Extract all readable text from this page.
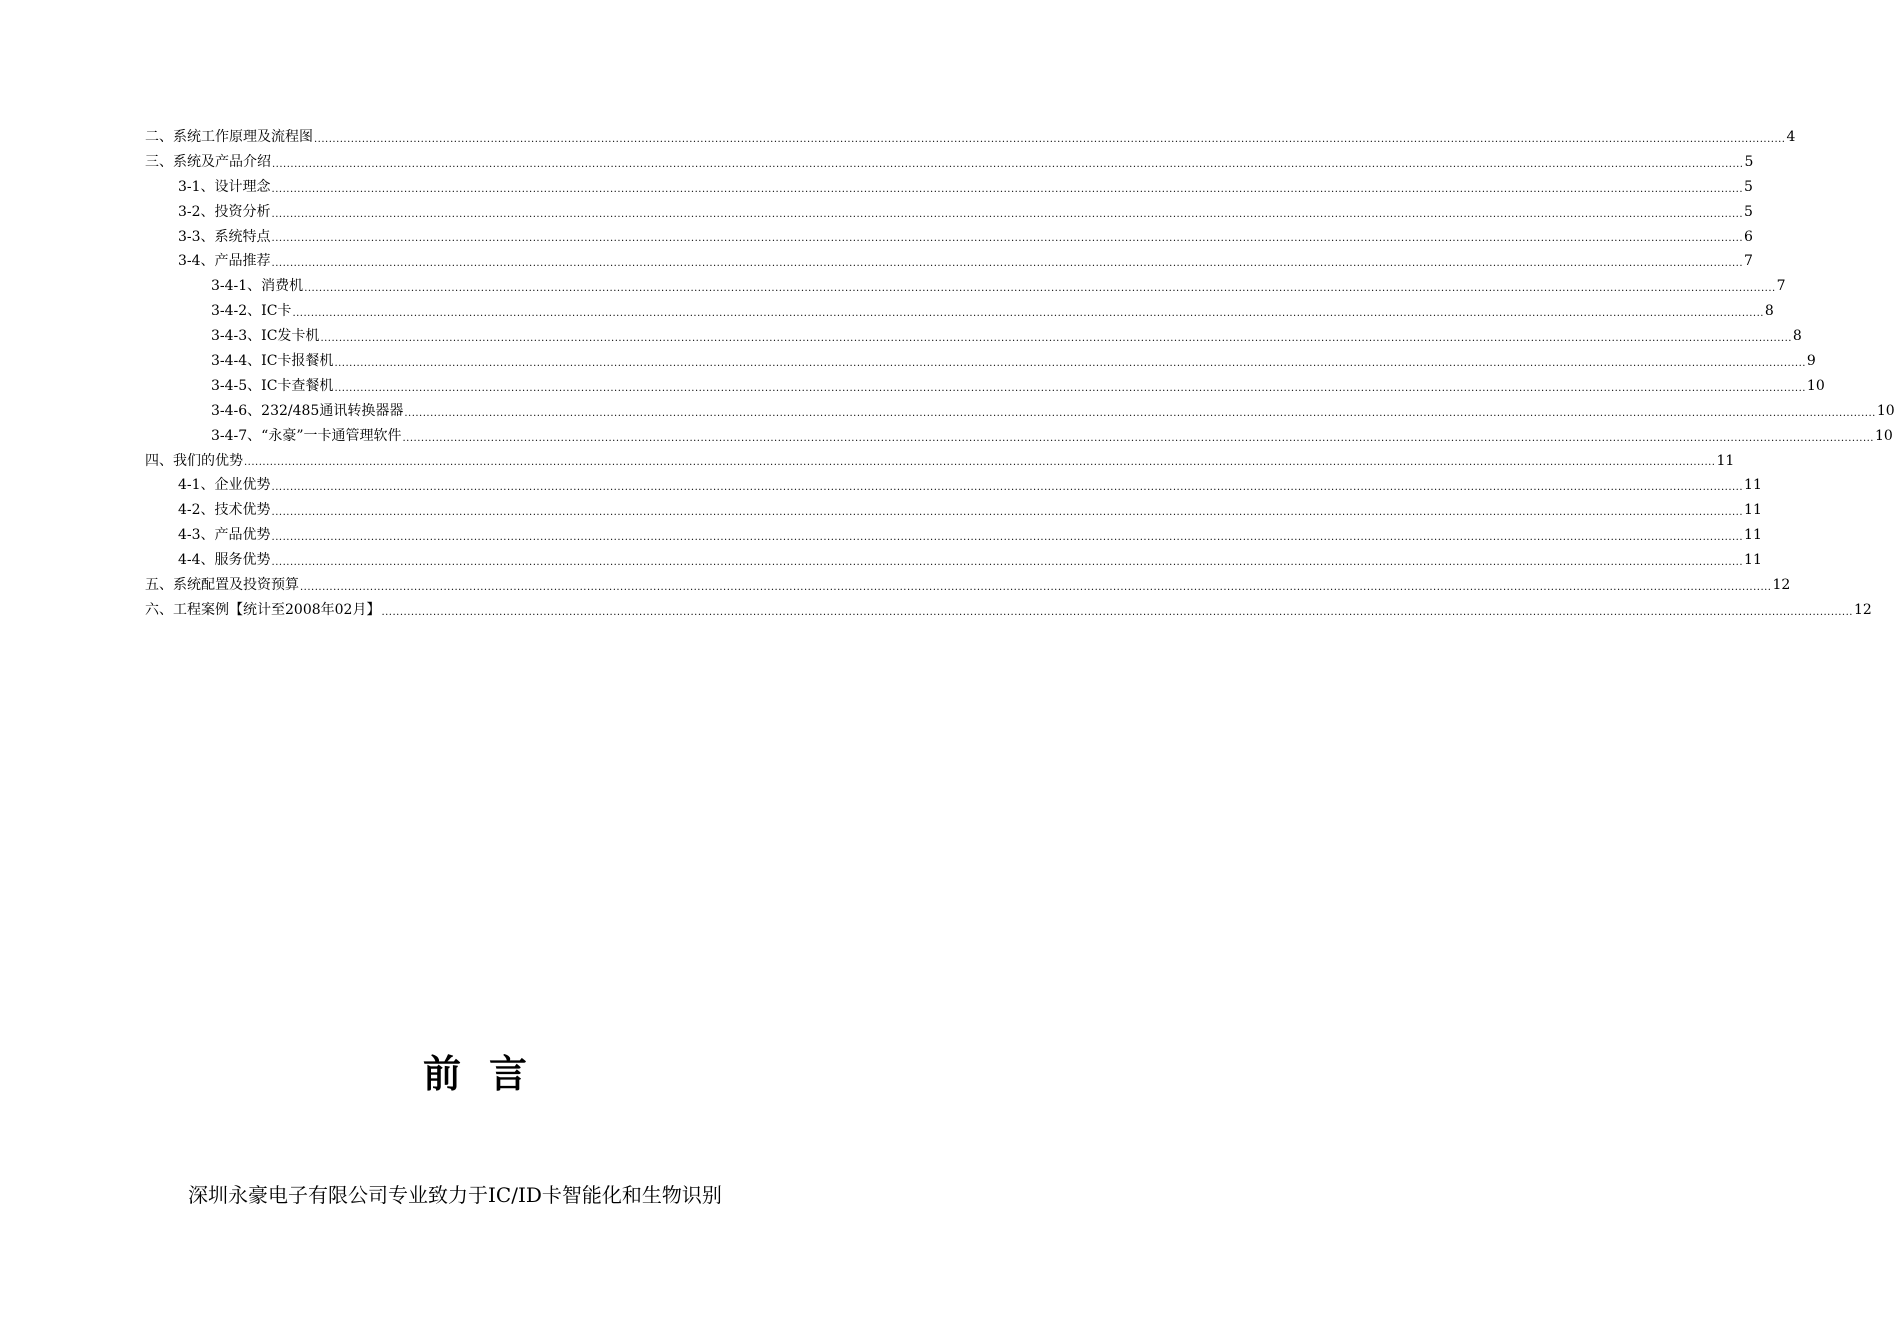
二、系统工作原理及流程图 ................................................................................................................................................................................................................................................................................................................................................................................................................ 4
三、系统及产品介绍 ................................................................................................................................................................................................................................................................................................................................................................................................................ 5
3-1、设计理念 ................................................................................................................................................................................................................................................................................................................................................................................................................ 5
3-2、投资分析 ................................................................................................................................................................................................................................................................................................................................................................................................................ 5
3-3、系统特点 ................................................................................................................................................................................................................................................................................................................................................................................................................ 6
3-4、产品推荐 ................................................................................................................................................................................................................................................................................................................................................................................................................ 7
3-4-1、消费机 ................................................................................................................................................................................................................................................................................................................................................................................................................ 7
3-4-2、IC卡 ................................................................................................................................................................................................................................................................................................................................................................................................................ 8
3-4-3、IC发卡机 ................................................................................................................................................................................................................................................................................................................................................................................................................ 8
3-4-4、IC卡报餐机 ................................................................................................................................................................................................................................................................................................................................................................................................................ 9
3-4-5、IC卡查餐机 ................................................................................................................................................................................................................................................................................................................................................................................................................ 10
3-4-6、232/485通讯转换器器 ................................................................................................................................................................................................................................................................................................................................................................................................................ 10
3-4-7、“永豪”一卡通管理软件 ................................................................................................................................................................................................................................................................................................................................................................................................................ 10
四、我们的优势 ................................................................................................................................................................................................................................................................................................................................................................................................................ 11
4-1、企业优势 ................................................................................................................................................................................................................................................................................................................................................................................................................ 11
4-2、技术优势 ................................................................................................................................................................................................................................................................................................................................................................................................................ 11
4-3、产品优势 ................................................................................................................................................................................................................................................................................................................................................................................................................ 11
4-4、服务优势 ................................................................................................................................................................................................................................................................................................................................................................................................................ 11
五、系统配置及投资预算 ................................................................................................................................................................................................................................................................................................................................................................................................................ 12
六、工程案例【统计至2008年02月】 ................................................................................................................................................................................................................................................................................................................................................................................................................ 12
前言
深圳永豪电子有限公司专业致力于IC/ID卡智能化和生物识别
